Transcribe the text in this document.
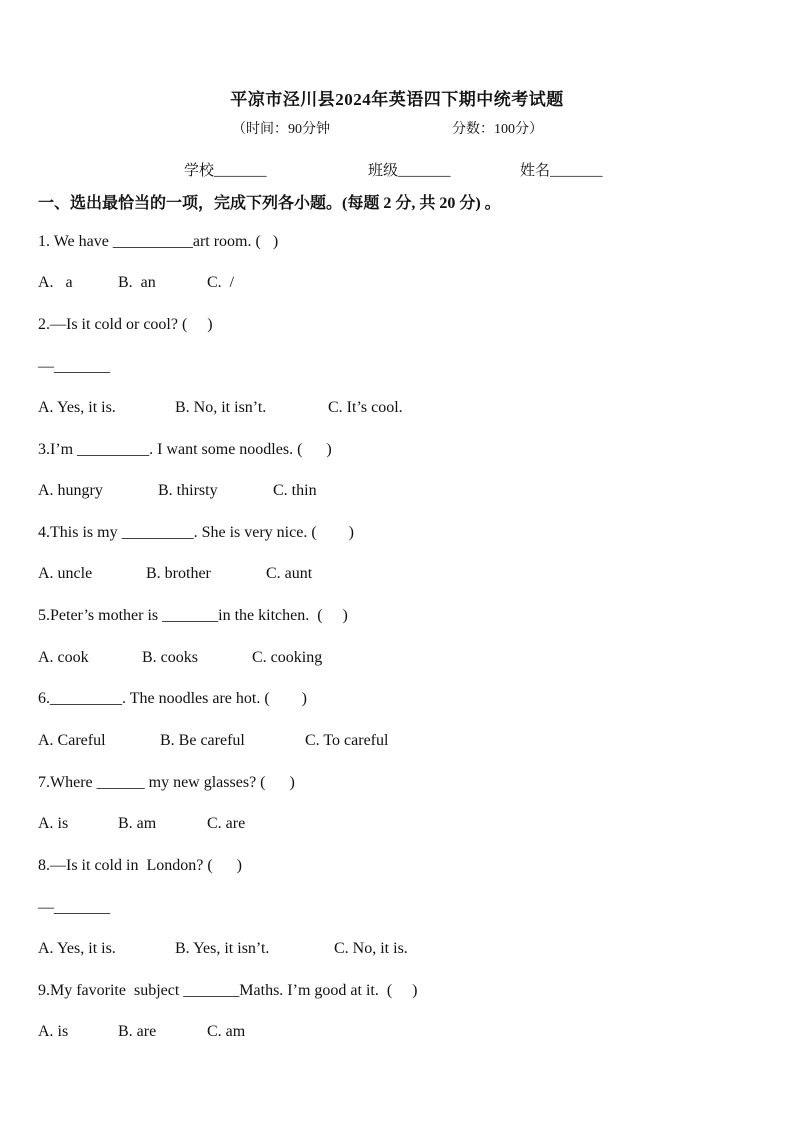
平凉市泾川县2024年英语四下期中统考试题
（时间：90分钟	分数：100分）
学校_______	班级_______	姓名_______
一、选出最恰当的一项，完成下列各小题。(每题 2 分, 共 20 分) 。
1. We have __________art room. (   )
A.   a	B.  an	C.  /
2.—Is it cold or cool? (     )
—_______
A. Yes, it is.	B. No, it isn’t.	C. It’s cool.
3.I’m _________. I want some noodles. (      )
A. hungry	B. thirsty	C. thin
4.This is my _________. She is very nice. (        )
A. uncle	B. brother	C. aunt
5.Peter’s mother is _______in the kitchen.  (     )
A. cook	B. cooks	C. cooking
6._________. The noodles are hot. (        )
A. Careful	B. Be careful	C. To careful
7.Where ______ my new glasses? (      )
A. is	B. am	C. are
8.—Is it cold in  London? (      )
—_______
A. Yes, it is.	B. Yes, it isn’t.	C. No, it is.
9.My favorite  subject _______Maths. I’m good at it.  (     )
A. is	B. are	C. am
